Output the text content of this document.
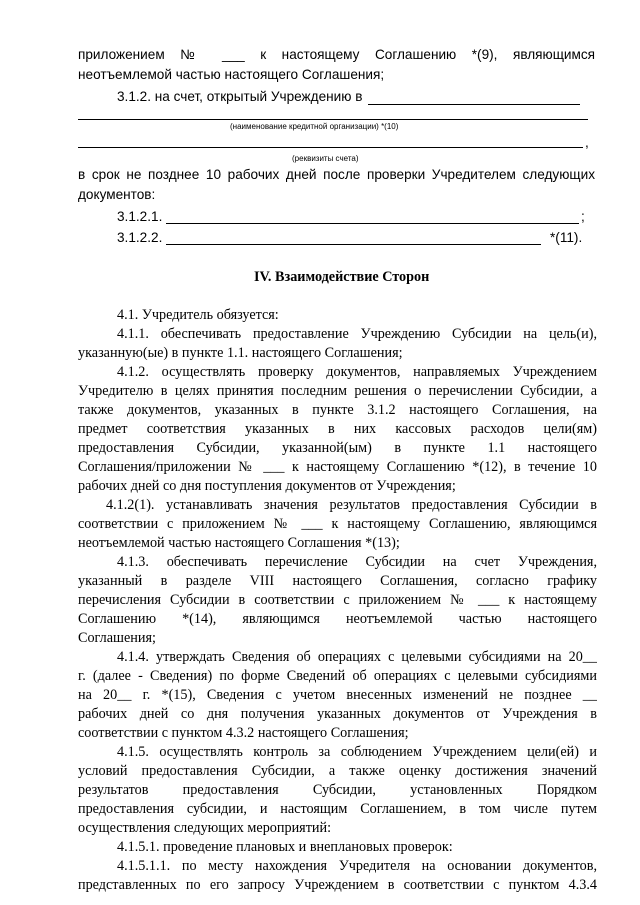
приложением № ___ к настоящему Соглашению *(9), являющимся
неотъемлемой частью настоящего Соглашения;
3.1.2. на счет, открытый Учреждению в
(наименование кредитной организации) *(10)
,
(реквизиты счета)
в срок не позднее 10 рабочих дней после проверки Учредителем следующих
документов:
3.1.2.1.	;
3.1.2.2.	*(11).
IV. Взаимодействие Сторон
4.1. Учредитель обязуется:
4.1.1. обеспечивать предоставление Учреждению Субсидии на цель(и),
указанную(ые) в пункте 1.1. настоящего Соглашения;
4.1.2. осуществлять проверку документов, направляемых Учреждением
Учредителю в целях принятия последним решения о перечислении Субсидии, а
также документов, указанных в пункте 3.1.2 настоящего Соглашения, на
предмет соответствия указанных в них кассовых расходов цели(ям)
предоставления Субсидии, указанной(ым) в пункте 1.1 настоящего
Соглашения/приложении № ___ к настоящему Соглашению *(12), в течение 10
рабочих дней со дня поступления документов от Учреждения;
4.1.2(1). устанавливать значения результатов предоставления Субсидии в
соответствии с приложением № ___ к настоящему Соглашению, являющимся
неотъемлемой частью настоящего Соглашения *(13);
4.1.3. обеспечивать перечисление Субсидии на счет Учреждения,
указанный в разделе VIII настоящего Соглашения, согласно графику
перечисления Субсидии в соответствии с приложением № ___ к настоящему
Соглашению *(14), являющимся неотъемлемой частью настоящего
Соглашения;
4.1.4. утверждать Сведения об операциях с целевыми субсидиями на 20__
г. (далее - Сведения) по форме Сведений об операциях с целевыми субсидиями
на 20__ г. *(15), Сведения с учетом внесенных изменений не позднее __
рабочих дней со дня получения указанных документов от Учреждения в
соответствии с пунктом 4.3.2 настоящего Соглашения;
4.1.5. осуществлять контроль за соблюдением Учреждением цели(ей) и
условий предоставления Субсидии, а также оценку достижения значений
результатов предоставления Субсидии, установленных Порядком
предоставления субсидии, и настоящим Соглашением, в том числе путем
осуществления следующих мероприятий:
4.1.5.1. проведение плановых и внеплановых проверок:
4.1.5.1.1. по месту нахождения Учредителя на основании документов,
представленных по его запросу Учреждением в соответствии с пунктом 4.3.4
